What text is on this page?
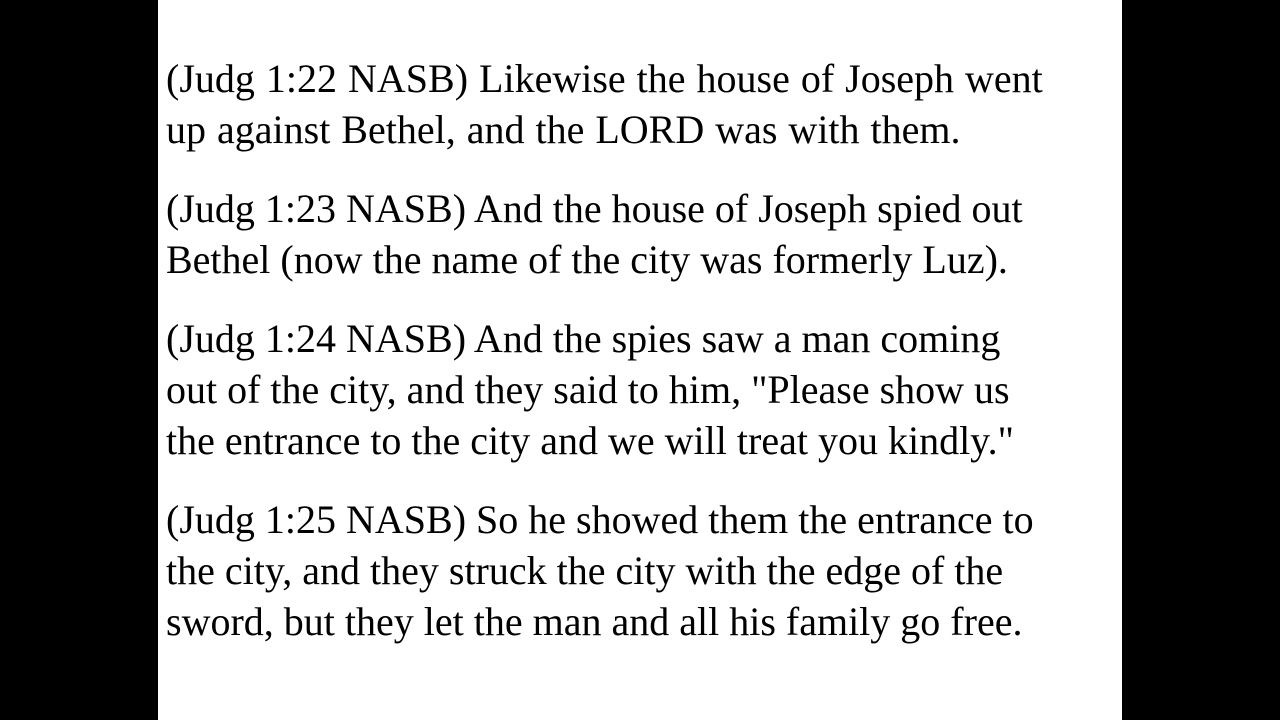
(Judg 1:22 NASB) Likewise the house of Joseph went
up against Bethel, and the LORD was with them.

(Judg 1:23 NASB) And the house of Joseph spied out
Bethel (now the name of the city was formerly Luz).

(Judg 1:24 NASB) And the spies saw a man coming
out of the city, and they said to him, "Please show us
the entrance to the city and we will treat you kindly."

(Judg 1:25 NASB) So he showed them the entrance to
the city, and they struck the city with the edge of the
sword, but they let the man and all his family go free.
